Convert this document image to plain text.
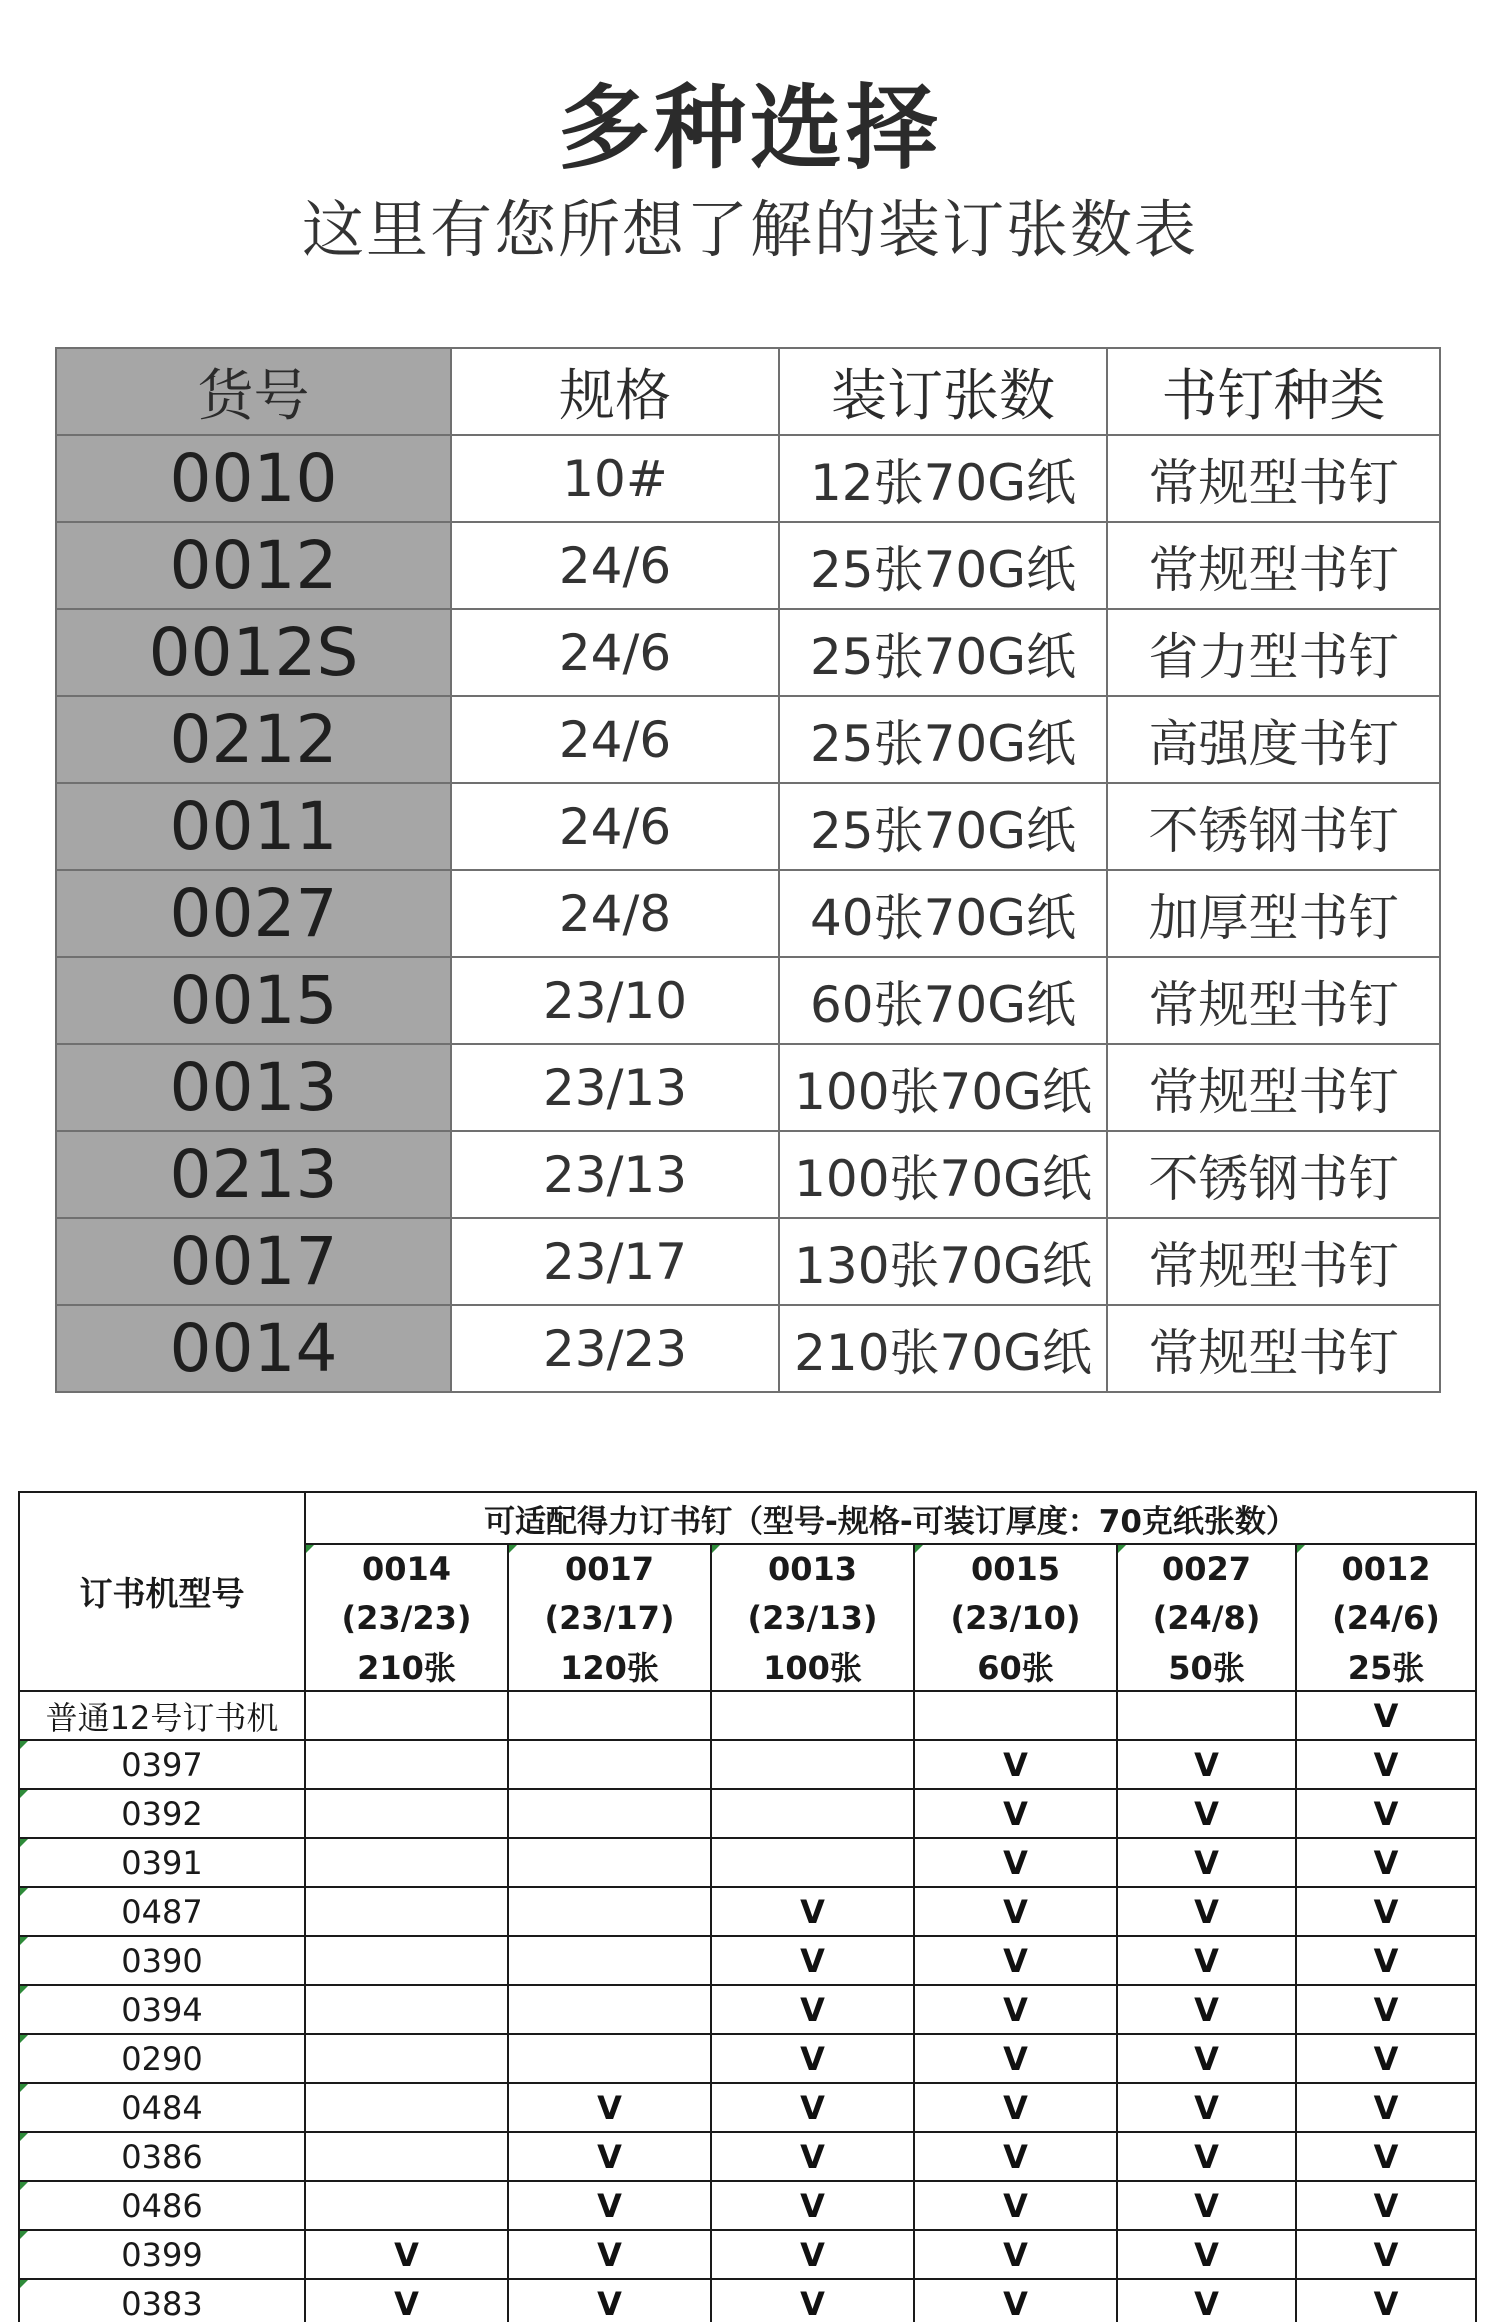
多种选择
这里有您所想了解的装订张数表
货号	规格	装订张数	书钉种类
0010	10#	12张70G纸	常规型书钉
0012	24/6	25张70G纸	常规型书钉
0012S	24/6	25张70G纸	省力型书钉
0212	24/6	25张70G纸	高强度书钉
0011	24/6	25张70G纸	不锈钢书钉
0027	24/8	40张70G纸	加厚型书钉
0015	23/10	60张70G纸	常规型书钉
0013	23/13	100张70G纸	常规型书钉
0213	23/13	100张70G纸	不锈钢书钉
0017	23/17	130张70G纸	常规型书钉
0014	23/23	210张70G纸	常规型书钉
订书机型号	可适配得力订书钉（型号-规格-可装订厚度：70克纸张数）					
	0014	0017	0013	0015	0027	0012
	(23/23)	(23/17)	(23/13)	(23/10)	(24/8)	(24/6)
	210张	120张	100张	60张	50张	25张
普通12号订书机						V
0397				V	V	V
0392				V	V	V
0391				V	V	V
0487			V	V	V	V
0390			V	V	V	V
0394			V	V	V	V
0290			V	V	V	V
0484		V	V	V	V	V
0386		V	V	V	V	V
0486		V	V	V	V	V
0399	V	V	V	V	V	V
0383	V	V	V	V	V	V
